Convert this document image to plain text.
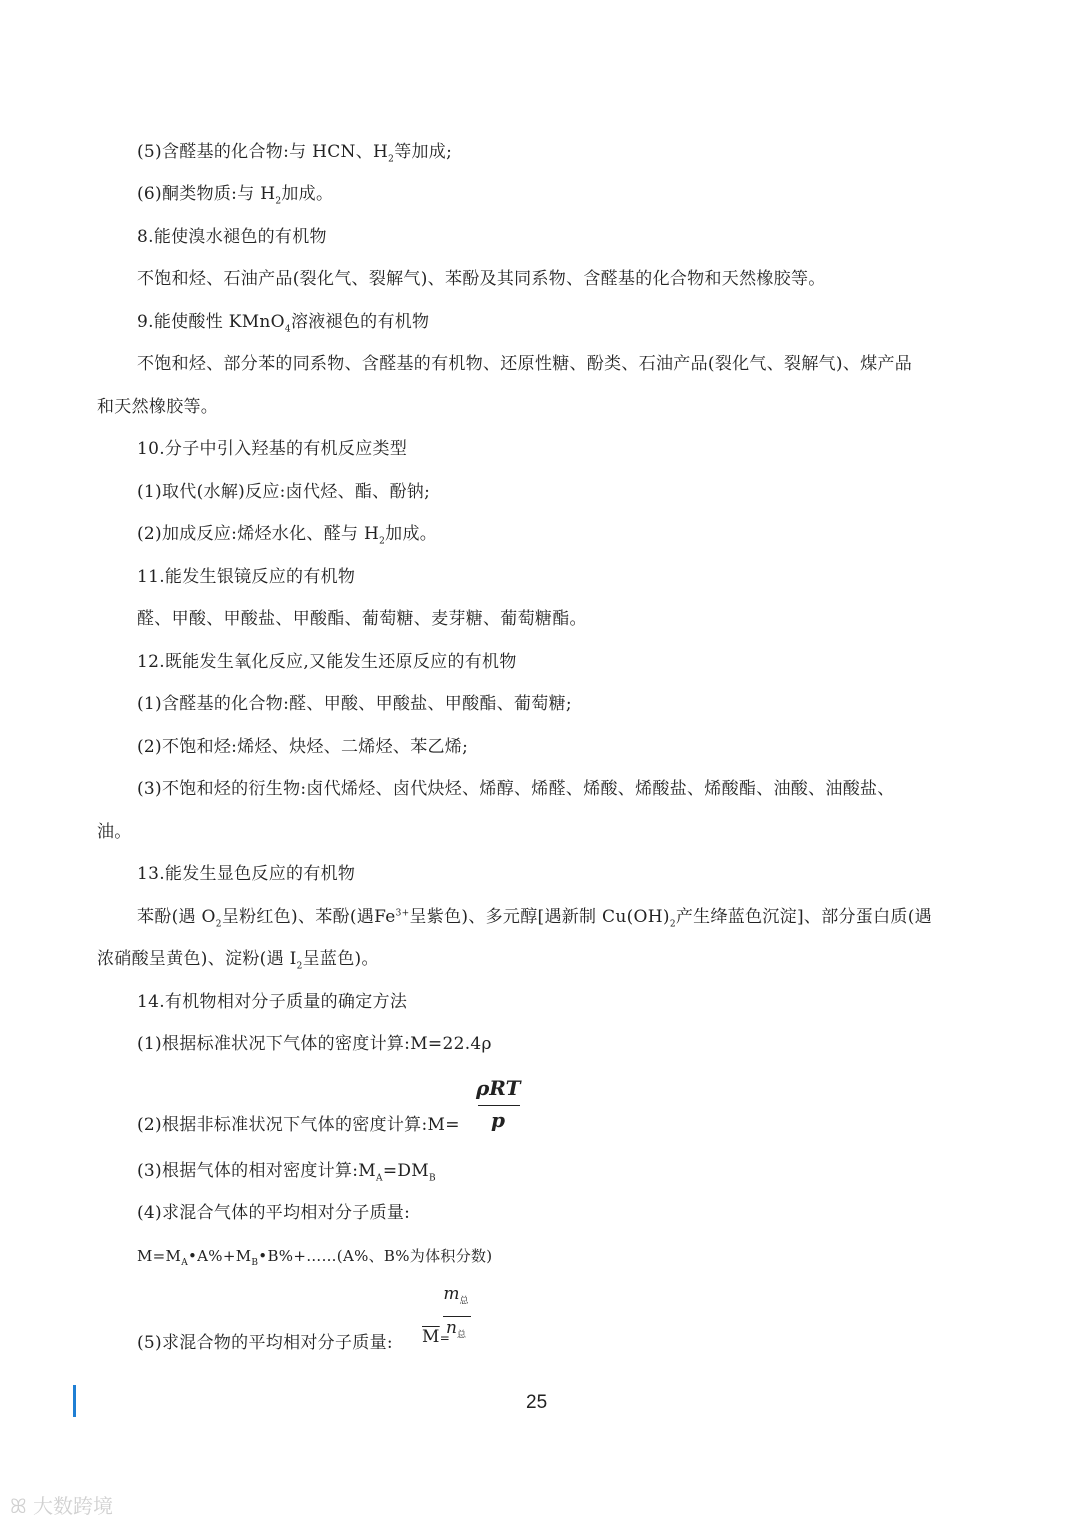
(5)含醛基的化合物:与 HCN、$H_2$等加成;
(6)酮类物质:与 $H_2$加成。
8.能使溴水褪色的有机物
不饱和烃、石油产品(裂化气、裂解气)、苯酚及其同系物、含醛基的化合物和天然橡胶等。
9.能使酸性 KMnO$_4$溶液褪色的有机物
不饱和烃、部分苯的同系物、含醛基的有机物、还原性糖、酚类、石油产品(裂化气、裂解气)、煤产品
和天然橡胶等。
10.分子中引入羟基的有机反应类型
(1)取代(水解)反应:卤代烃、酯、酚钠;
(2)加成反应:烯烃水化、醛与 $H_2$加成。
11.能发生银镜反应的有机物
醛、甲酸、甲酸盐、甲酸酯、葡萄糖、麦芽糖、葡萄糖酯。
12.既能发生氧化反应,又能发生还原反应的有机物
(1)含醛基的化合物:醛、甲酸、甲酸盐、甲酸酯、葡萄糖;
(2)不饱和烃:烯烃、炔烃、二烯烃、苯乙烯;
(3)不饱和烃的衍生物:卤代烯烃、卤代炔烃、烯醇、烯醛、烯酸、烯酸盐、烯酸酯、油酸、油酸盐、
油。
13.能发生显色反应的有机物
苯酚(遇 $O_2$呈粉红色)、苯酚(遇$Fe^{3+}$呈紫色)、多元醇[遇新制 $Cu(OH)_2$产生绛蓝色沉淀]、部分蛋白质(遇
浓硝酸呈黄色)、淀粉(遇 $I_2$呈蓝色)。
14.有机物相对分子质量的确定方法
(1)根据标准状况下气体的密度计算:M=22.4ρ
(2)根据非标准状况下气体的密度计算:M=
ρRT
p
(3)根据气体的相对密度计算$:M_A=DM_B$
(4)求混合气体的平均相对分子质量:
$M=M_A•A\%+M_B•B\%+\dots\dots(A\%$、B%为体积分数)
(5)求混合物的平均相对分子质量: $\overline{M}=$
$m_总$
$n_总$
25
ꕤ 大数跨境
